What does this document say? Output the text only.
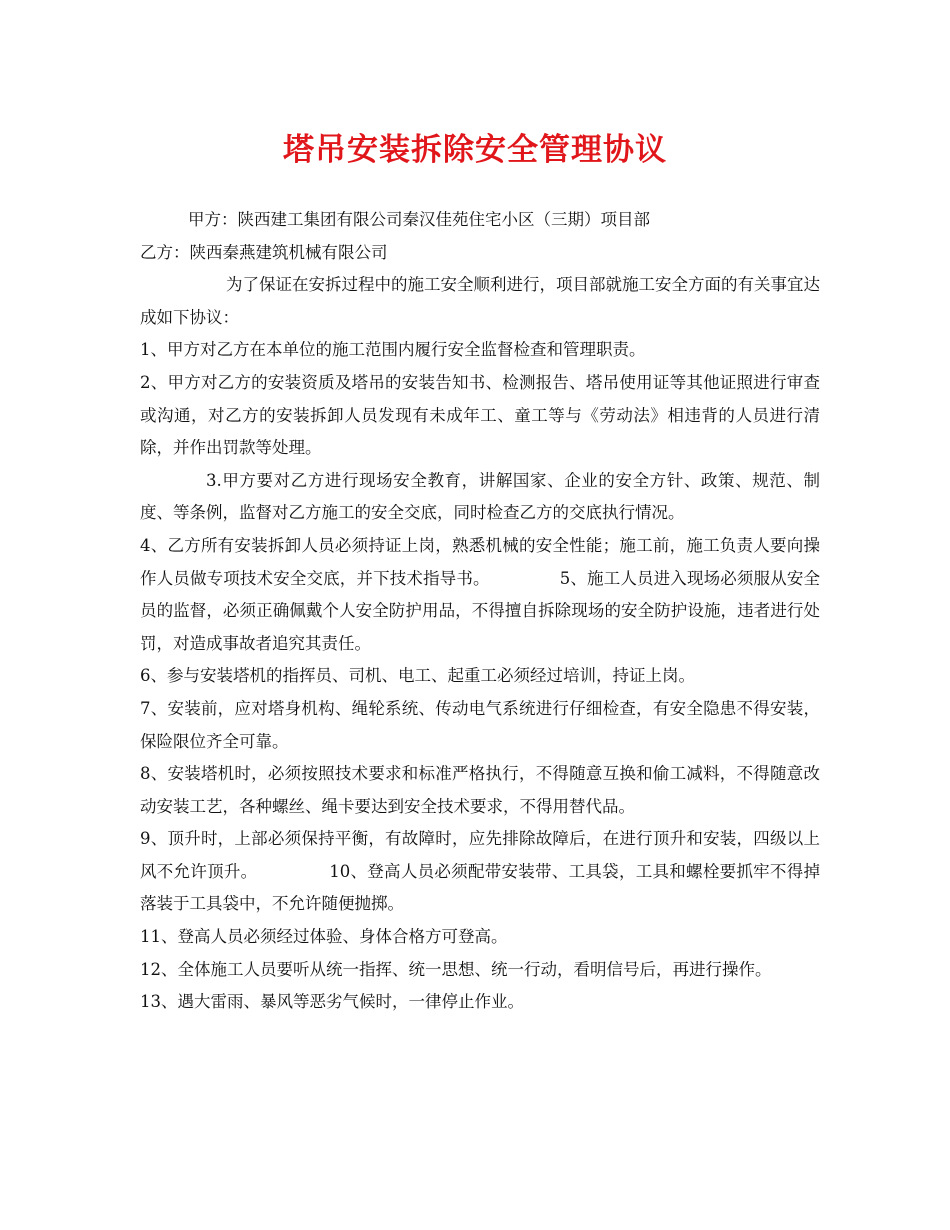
塔吊安装拆除安全管理协议

甲方：陕西建工集团有限公司秦汉佳苑住宅小区（三期）项目部

乙方：陕西秦燕建筑机械有限公司

为了保证在安拆过程中的施工安全顺利进行，项目部就施工安全方面的有关事宜达成如下协议：

1、甲方对乙方在本单位的施工范围内履行安全监督检查和管理职责。

2、甲方对乙方的安装资质及塔吊的安装告知书、检测报告、塔吊使用证等其他证照进行审查或沟通，对乙方的安装拆卸人员发现有未成年工、童工等与《劳动法》相违背的人员进行清除，并作出罚款等处理。

3.甲方要对乙方进行现场安全教育，讲解国家、企业的安全方针、政策、规范、制度、等条例，监督对乙方施工的安全交底，同时检查乙方的交底执行情况。

4、乙方所有安装拆卸人员必须持证上岗，熟悉机械的安全性能；施工前，施工负责人要向操作人员做专项技术安全交底，并下技术指导书。             5、施工人员进入现场必须服从安全员的监督，必须正确佩戴个人安全防护用品，不得擅自拆除现场的安全防护设施，违者进行处罚，对造成事故者追究其责任。

6、参与安装塔机的指挥员、司机、电工、起重工必须经过培训，持证上岗。

7、安装前，应对塔身机构、绳轮系统、传动电气系统进行仔细检查，有安全隐患不得安装，保险限位齐全可靠。

8、安装塔机时，必须按照技术要求和标准严格执行，不得随意互换和偷工减料，不得随意改动安装工艺，各种螺丝、绳卡要达到安全技术要求，不得用替代品。

9、顶升时，上部必须保持平衡，有故障时，应先排除故障后，在进行顶升和安装，四级以上风不允许顶升。             10、登高人员必须配带安装带、工具袋，工具和螺栓要抓牢不得掉落装于工具袋中，不允许随便抛掷。

11、登高人员必须经过体验、身体合格方可登高。

12、全体施工人员要听从统一指挥、统一思想、统一行动，看明信号后，再进行操作。

13、遇大雷雨、暴风等恶劣气候时，一律停止作业。
